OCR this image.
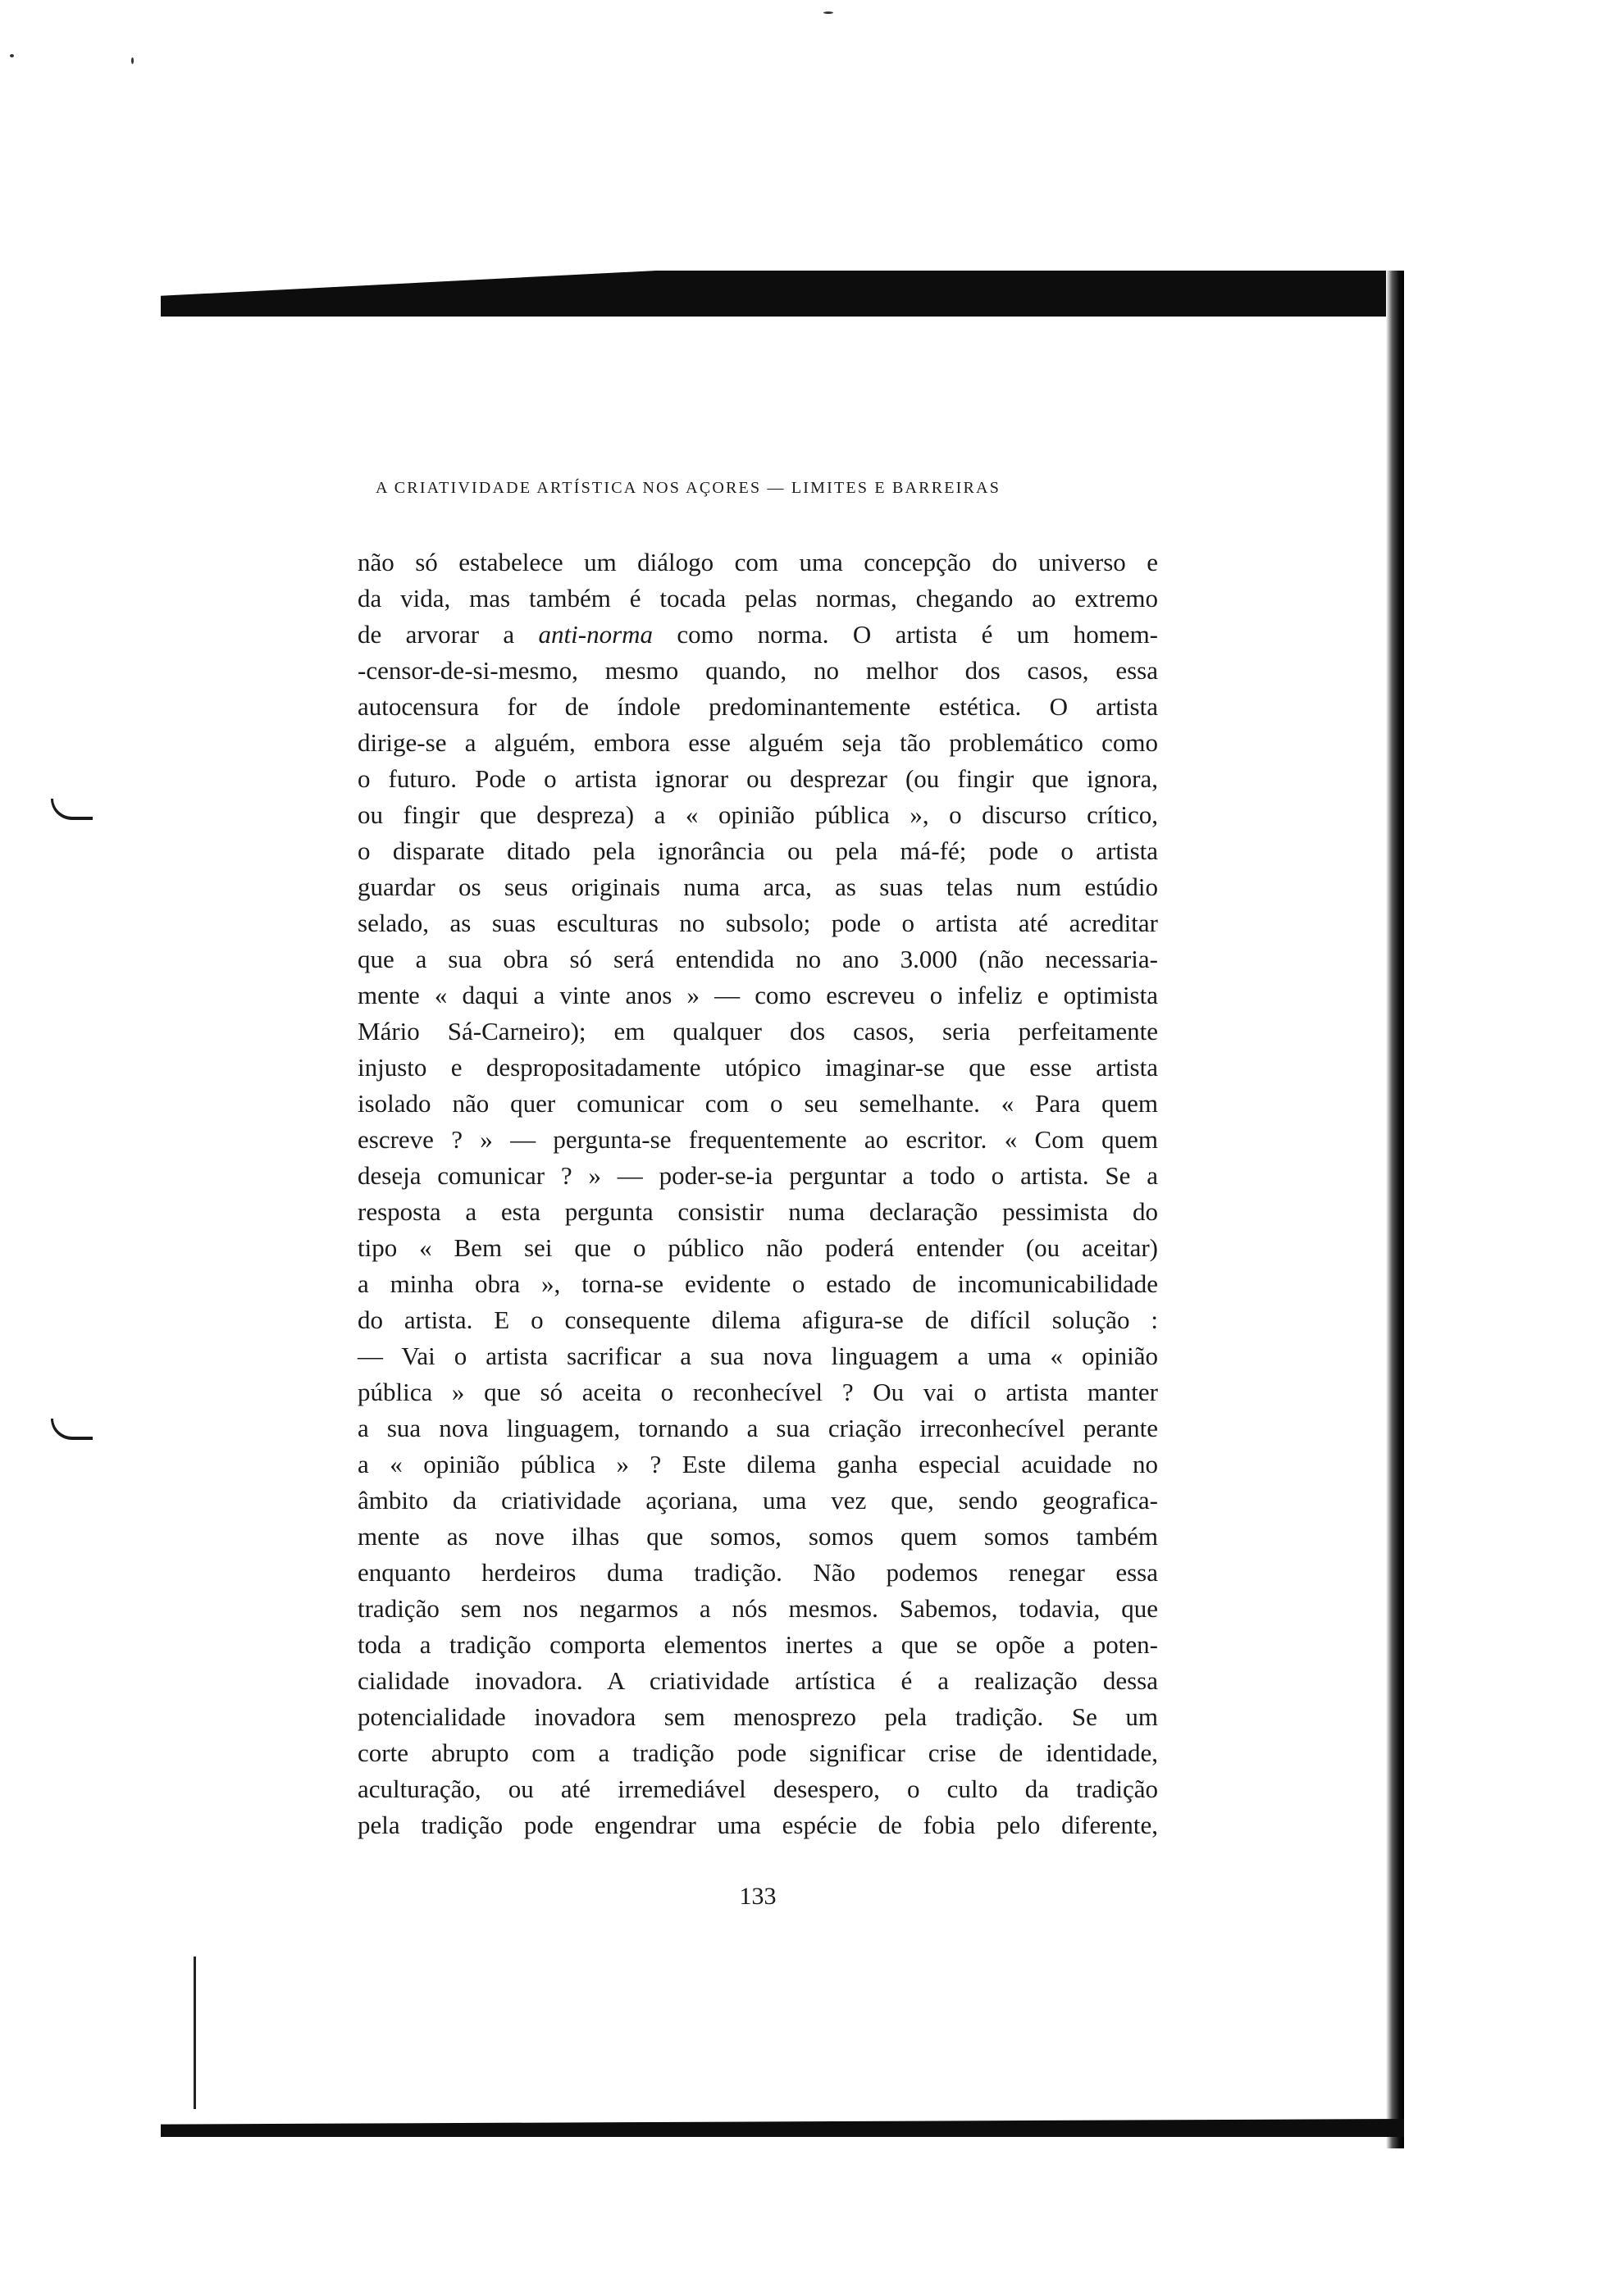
A CRIATIVIDADE ARTÍSTICA NOS AÇORES — LIMITES E BARREIRAS
não só estabelece um diálogo com uma concepção do universo e
da vida, mas também é tocada pelas normas, chegando ao extremo
de arvorar a anti-norma como norma. O artista é um homem-
-censor-de-si-mesmo, mesmo quando, no melhor dos casos, essa
autocensura for de índole predominantemente estética. O artista
dirige-se a alguém, embora esse alguém seja tão problemático como
o futuro. Pode o artista ignorar ou desprezar (ou fingir que ignora,
ou fingir que despreza) a « opinião pública », o discurso crítico,
o disparate ditado pela ignorância ou pela má-fé; pode o artista
guardar os seus originais numa arca, as suas telas num estúdio
selado, as suas esculturas no subsolo; pode o artista até acreditar
que a sua obra só será entendida no ano 3.000 (não necessaria-
mente « daqui a vinte anos » — como escreveu o infeliz e optimista
Mário Sá-Carneiro); em qualquer dos casos, seria perfeitamente
injusto e despropositadamente utópico imaginar-se que esse artista
isolado não quer comunicar com o seu semelhante. « Para quem
escreve ? » — pergunta-se frequentemente ao escritor. « Com quem
deseja comunicar ? » — poder-se-ia perguntar a todo o artista. Se a
resposta a esta pergunta consistir numa declaração pessimista do
tipo « Bem sei que o público não poderá entender (ou aceitar)
a minha obra », torna-se evidente o estado de incomunicabilidade
do artista. E o consequente dilema afigura-se de difícil solução :
— Vai o artista sacrificar a sua nova linguagem a uma « opinião
pública » que só aceita o reconhecível ? Ou vai o artista manter
a sua nova linguagem, tornando a sua criação irreconhecível perante
a « opinião pública » ? Este dilema ganha especial acuidade no
âmbito da criatividade açoriana, uma vez que, sendo geografica-
mente as nove ilhas que somos, somos quem somos também
enquanto herdeiros duma tradição. Não podemos renegar essa
tradição sem nos negarmos a nós mesmos. Sabemos, todavia, que
toda a tradição comporta elementos inertes a que se opõe a poten-
cialidade inovadora. A criatividade artística é a realização dessa
potencialidade inovadora sem menosprezo pela tradição. Se um
corte abrupto com a tradição pode significar crise de identidade,
aculturação, ou até irremediável desespero, o culto da tradição
pela tradição pode engendrar uma espécie de fobia pelo diferente,
133
